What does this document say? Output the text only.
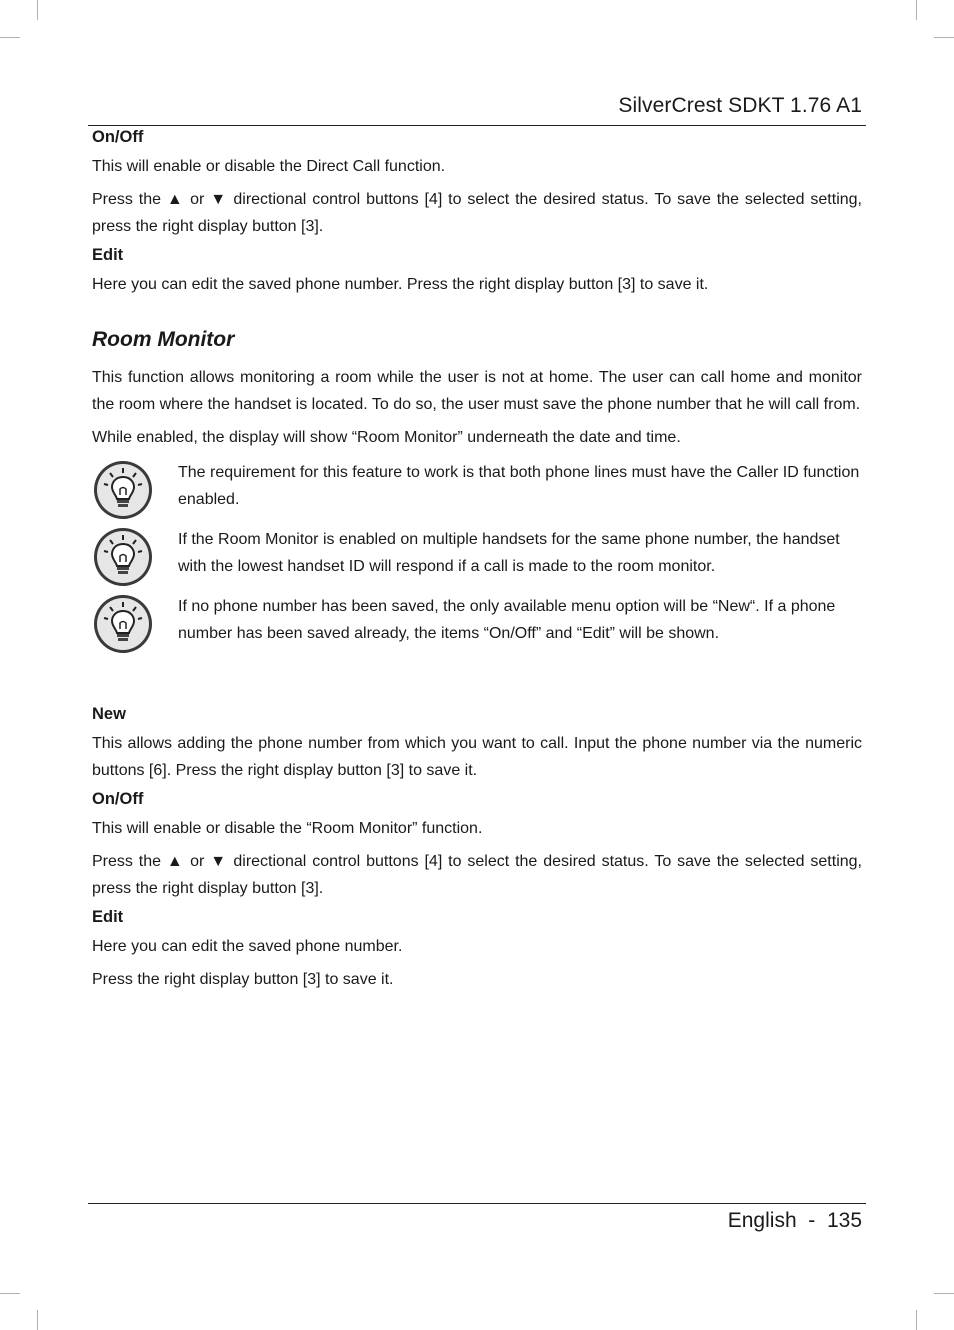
SilverCrest SDKT 1.76 A1
On/Off

This will enable or disable the Direct Call function.

Press the ▲ or ▼ directional control buttons [4] to select the desired status. To save the selected setting, press the right display button [3].

Edit

Here you can edit the saved phone number. Press the right display button [3] to save it.

Room Monitor

This function allows monitoring a room while the user is not at home. The user can call home and monitor the room where the handset is located. To do so, the user must save the phone number that he will call from.

While enabled, the display will show “Room Monitor” underneath the date and time.

The requirement for this feature to work is that both phone lines must have the Caller ID function enabled.

If the Room Monitor is enabled on multiple handsets for the same phone number, the handset with the lowest handset ID will respond if a call is made to the room monitor.

If no phone number has been saved, the only available menu option will be “New“. If a phone number has been saved already, the items “On/Off” and “Edit” will be shown.

New

This allows adding the phone number from which you want to call. Input the phone number via the numeric buttons [6]. Press the right display button [3] to save it.

On/Off

This will enable or disable the “Room Monitor” function.

Press the ▲ or ▼ directional control buttons [4] to select the desired status. To save the selected setting, press the right display button [3].

Edit

Here you can edit the saved phone number.

Press the right display button [3] to save it.

English  -  135
